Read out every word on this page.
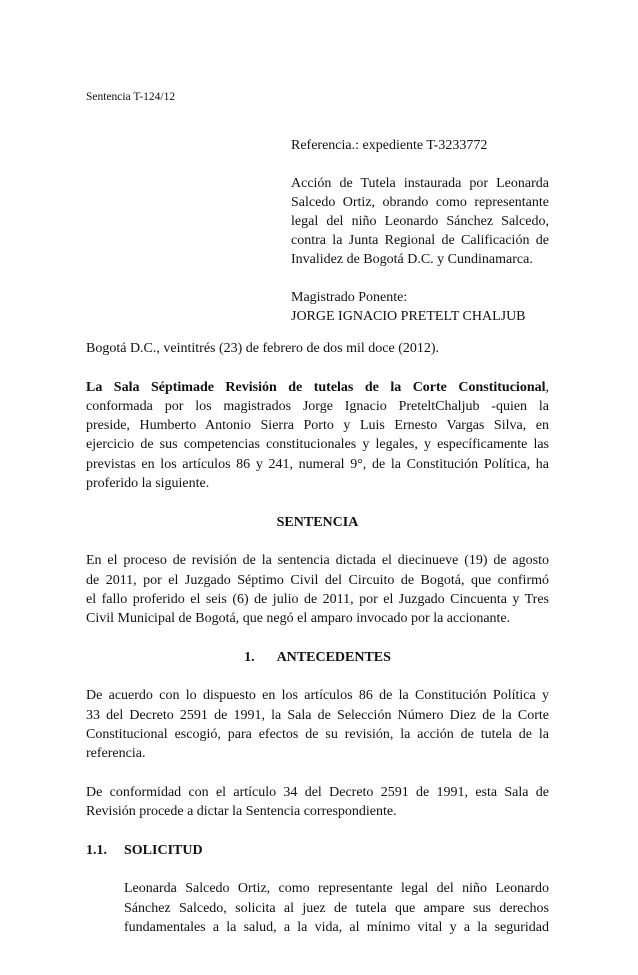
Sentencia T-124/12

Referencia.: expediente T-3233772

Acción de Tutela instaurada por Leonarda
Salcedo Ortiz, obrando como representante
legal del niño Leonardo Sánchez Salcedo,
contra la Junta Regional de Calificación de
Invalidez de Bogotá D.C. y Cundinamarca.

Magistrado Ponente:
JORGE IGNACIO PRETELT CHALJUB

Bogotá D.C., veintitrés (23) de febrero de dos mil doce (2012).

La Sala Séptimade Revisión de tutelas de la Corte Constitucional,
conformada por los magistrados Jorge Ignacio PreteltChaljub -quien la
preside, Humberto Antonio Sierra Porto y Luis Ernesto Vargas Silva, en
ejercicio de sus competencias constitucionales y legales, y específicamente las
previstas en los artículos 86 y 241, numeral 9°, de la Constitución Política, ha
proferido la siguiente.

SENTENCIA

En el proceso de revisión de la sentencia dictada el diecinueve (19) de agosto
de 2011, por el Juzgado Séptimo Civil del Circuito de Bogotá, que confirmó
el fallo proferido el seis (6) de julio de 2011, por el Juzgado Cincuenta y Tres
Civil Municipal de Bogotá, que negó el amparo invocado por la accionante.

1. ANTECEDENTES

De acuerdo con lo dispuesto en los artículos 86 de la Constitución Política y
33 del Decreto 2591 de 1991, la Sala de Selección Número Diez de la Corte
Constitucional escogió, para efectos de su revisión, la acción de tutela de la
referencia.

De conformidad con el artículo 34 del Decreto 2591 de 1991, esta Sala de
Revisión procede a dictar la Sentencia correspondiente.

1.1. SOLICITUD

Leonarda Salcedo Ortiz, como representante legal del niño Leonardo
Sánchez Salcedo, solicita al juez de tutela que ampare sus derechos
fundamentales a la salud, a la vida, al mínimo vital y a la seguridad
